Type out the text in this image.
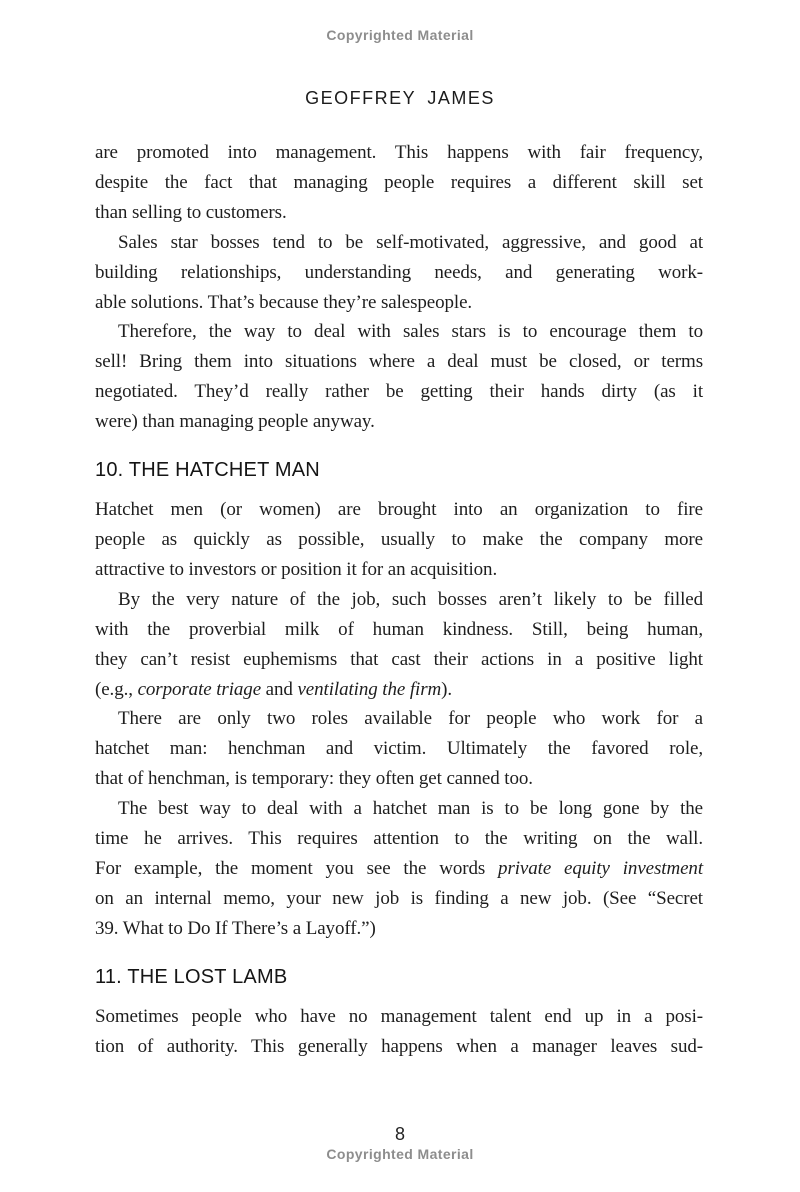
Copyrighted Material
GEOFFREY JAMES
are promoted into management. This happens with fair frequency,
despite the fact that managing people requires a different skill set
than selling to customers.
Sales star bosses tend to be self-motivated, aggressive, and good at
building relationships, understanding needs, and generating work-
able solutions. That’s because they’re salespeople.
Therefore, the way to deal with sales stars is to encourage them to
sell! Bring them into situations where a deal must be closed, or terms
negotiated. They’d really rather be getting their hands dirty (as it
were) than managing people anyway.
10. THE HATCHET MAN
Hatchet men (or women) are brought into an organization to fire
people as quickly as possible, usually to make the company more
attractive to investors or position it for an acquisition.
By the very nature of the job, such bosses aren’t likely to be filled
with the proverbial milk of human kindness. Still, being human,
they can’t resist euphemisms that cast their actions in a positive light
(e.g., corporate triage and ventilating the firm).
There are only two roles available for people who work for a
hatchet man: henchman and victim. Ultimately the favored role,
that of henchman, is temporary: they often get canned too.
The best way to deal with a hatchet man is to be long gone by the
time he arrives. This requires attention to the writing on the wall.
For example, the moment you see the words private equity investment
on an internal memo, your new job is finding a new job. (See “Secret
39. What to Do If There’s a Layoff.”)
11. THE LOST LAMB
Sometimes people who have no management talent end up in a posi-
tion of authority. This generally happens when a manager leaves sud-
8
Copyrighted Material
